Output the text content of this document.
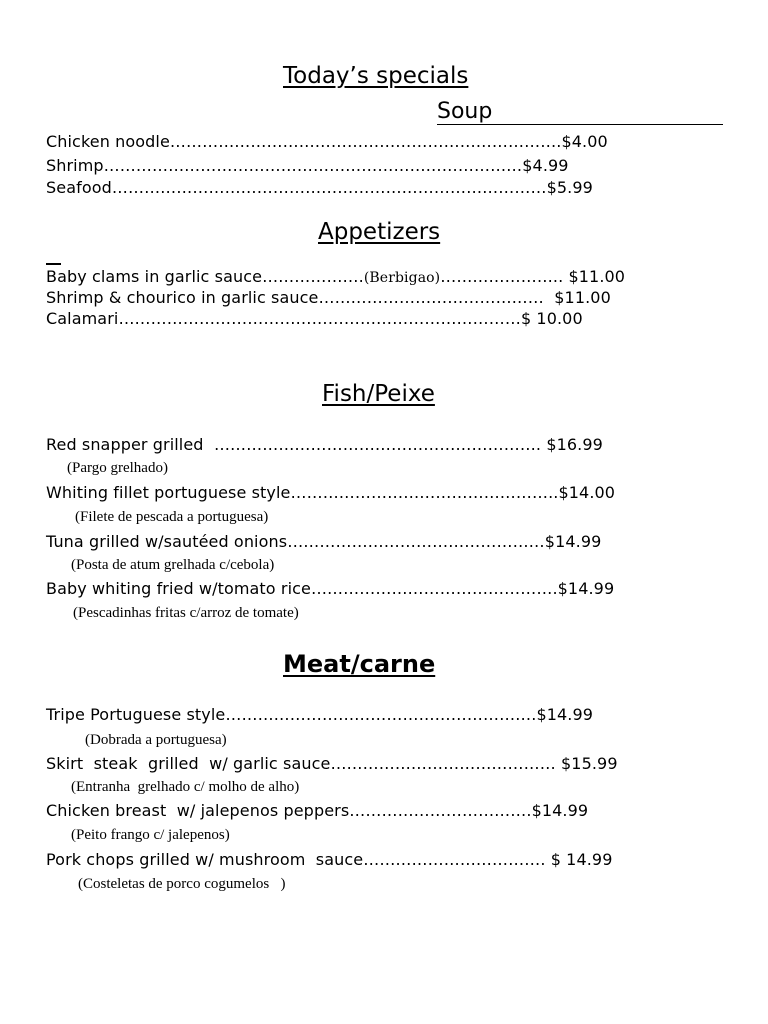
Today’s specials
Soup
Chicken noodle……………………………………………………………….$4.00
Shrimp……………………………………………………………………$4.99
Seafood………………………………………………………………………$5.99
Appetizers
Baby clams in garlic sauce……………….(Berbigao)………………….. $11.00
Shrimp & chourico in garlic sauce……………………………………  $11.00
Calamari…………………………………………………………………$ 10.00
Fish/Peixe
Red snapper grilled  ……………………………………………………. $16.99
(Pargo grelhado)
Whiting fillet portuguese style…………………………………………..$14.00
(Filete de pescada a portuguesa)
Tuna grilled w/sautéed onions…………………………………………$14.99
(Posta de atum grelhada c/cebola)
Baby whiting fried w/tomato rice……………………………………….$14.99
(Pescadinhas fritas c/arroz de tomate)
Meat/carne
Tripe Portuguese style………………………………………………….$14.99
(Dobrada a portuguesa)
Skirt  steak  grilled  w/ garlic sauce…………………………………… $15.99
(Entranha  grelhado c/ molho de alho)
Chicken breast  w/ jalepenos peppers…………………………….$14.99
(Peito frango c/ jalepenos)
Pork chops grilled w/ mushroom  sauce……………………………. $ 14.99
(Costeletas de porco cogumelos   )
